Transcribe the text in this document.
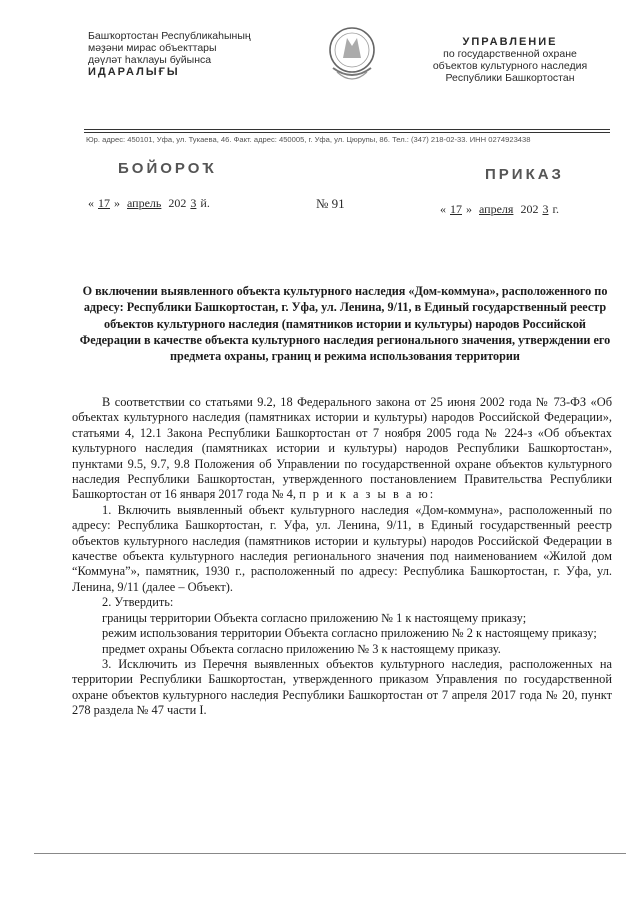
Башҡортостан Республикаһының
мәҙәни мирас объекттары
дәүләт һаҡлауы буйынса
ИДАРАЛЫҒЫ
УПРАВЛЕНИЕ
по государственной охране
объектов культурного наследия
Республики Башкортостан
Юр. адрес: 450101, Уфа, ул. Тукаева, 46. Факт. адрес: 450005, г. Уфа, ул. Цюрупы, 86. Тел.: (347) 218-02-33. ИНН 0274923438
БОЙОРОҠ	ПРИКАЗ
« 17 » апрель 202 3 й.	№ 91	« 17 » апреля 202 3 г.
О включении выявленного объекта культурного наследия «Дом-коммуна», расположенного по адресу: Республики Башкортостан, г. Уфа, ул. Ленина, 9/11, в Единый государственный реестр объектов культурного наследия (памятников истории и культуры) народов Российской Федерации в качестве объекта культурного наследия регионального значения, утверждении его предмета охраны, границ и режима использования территории

В соответствии со статьями 9.2, 18 Федерального закона от 25 июня 2002 года № 73-ФЗ «Об объектах культурного наследия (памятниках истории и культуры) народов Российской Федерации», статьями 4, 12.1 Закона Республики Башкортостан от 7 ноября 2005 года № 224-з «Об объектах культурного наследия (памятниках истории и культуры) народов Республики Башкортостан», пунктами 9.5, 9.7, 9.8 Положения об Управлении по государственной охране объектов культурного наследия Республики Башкортостан, утвержденного постановлением Правительства Республики Башкортостан от 16 января 2017 года № 4, п р и к а з ы в а ю:

1. Включить выявленный объект культурного наследия «Дом-коммуна», расположенный по адресу: Республика Башкортостан, г. Уфа, ул. Ленина, 9/11, в Единый государственный реестр объектов культурного наследия (памятников истории и культуры) народов Российской Федерации в качестве объекта культурного наследия регионального значения под наименованием «Жилой дом “Коммуна”», памятник, 1930 г., расположенный по адресу: Республика Башкортостан, г. Уфа, ул. Ленина, 9/11 (далее – Объект).

2. Утвердить:

границы территории Объекта согласно приложению № 1 к настоящему приказу;

режим использования территории Объекта согласно приложению № 2 к настоящему приказу;

предмет охраны Объекта согласно приложению № 3 к настоящему приказу.

3. Исключить из Перечня выявленных объектов культурного наследия, расположенных на территории Республики Башкортостан, утвержденного приказом Управления по государственной охране объектов культурного наследия Республики Башкортостан от 7 апреля 2017 года № 20, пункт 278 раздела № 47 части I.
